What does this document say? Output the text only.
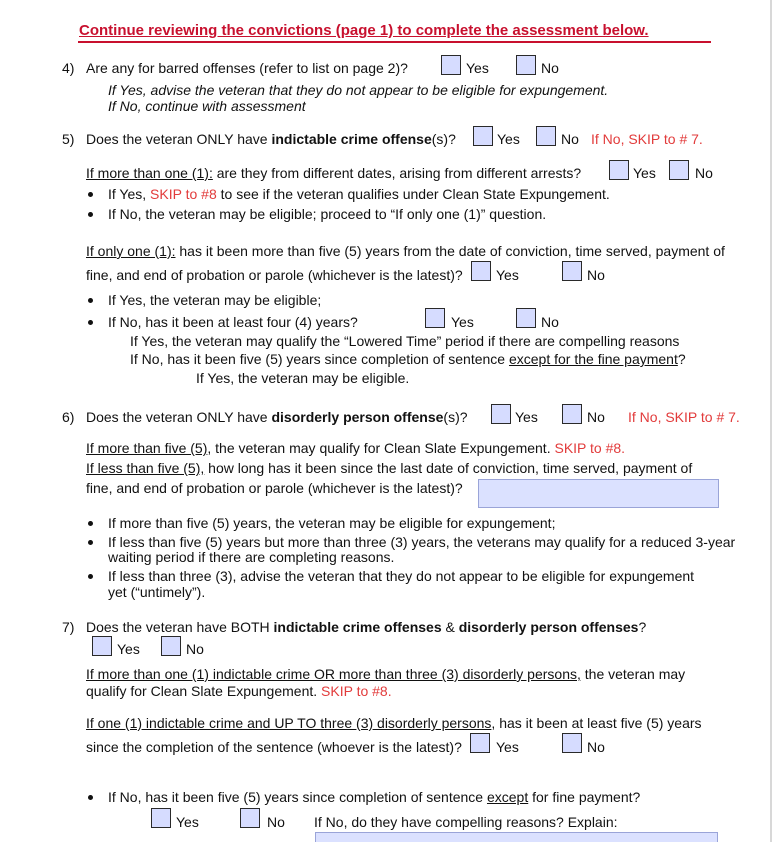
Continue reviewing the convictions (page 1) to complete the assessment below.
4) Are any for barred offenses (refer to list on page 2)?	Yes	No
If Yes, advise the veteran that they do not appear to be eligible for expungement.
If No, continue with assessment
5) Does the veteran ONLY have indictable crime offense(s)?	Yes	No If No, SKIP to # 7.
If more than one (1): are they from different dates, arising from different arrests?	Yes	No
If Yes, SKIP to #8 to see if the veteran qualifies under Clean State Expungement.
If No, the veteran may be eligible; proceed to “If only one (1)” question.
If only one (1): has it been more than five (5) years from the date of conviction, time served, payment of
fine, and end of probation or parole (whichever is the latest)? Yes	No
If Yes, the veteran may be eligible;
If No, has it been at least four (4) years?	Yes	No
If Yes, the veteran may qualify the “Lowered Time” period if there are compelling reasons
If No, has it been five (5) years since completion of sentence except for the fine payment?
If Yes, the veteran may be eligible.
6) Does the veteran ONLY have disorderly person offense(s)?	Yes	No If No, SKIP to # 7.
If more than five (5), the veteran may qualify for Clean Slate Expungement. SKIP to #8.
If less than five (5), how long has it been since the last date of conviction, time served, payment of
fine, and end of probation or parole (whichever is the latest)?
If more than five (5) years, the veteran may be eligible for expungement;
If less than five (5) years but more than three (3) years, the veterans may qualify for a reduced 3-year
waiting period if there are completing reasons.
If less than three (3), advise the veteran that they do not appear to be eligible for expungement
yet (“untimely”).
7) Does the veteran have BOTH indictable crime offenses & disorderly person offenses?
Yes	No
If more than one (1) indictable crime OR more than three (3) disorderly persons, the veteran may
qualify for Clean Slate Expungement. SKIP to #8.
If one (1) indictable crime and UP TO three (3) disorderly persons, has it been at least five (5) years
since the completion of the sentence (whoever is the latest)? Yes	No
If No, has it been five (5) years since completion of sentence except for fine payment?
Yes	No If No, do they have compelling reasons? Explain:
